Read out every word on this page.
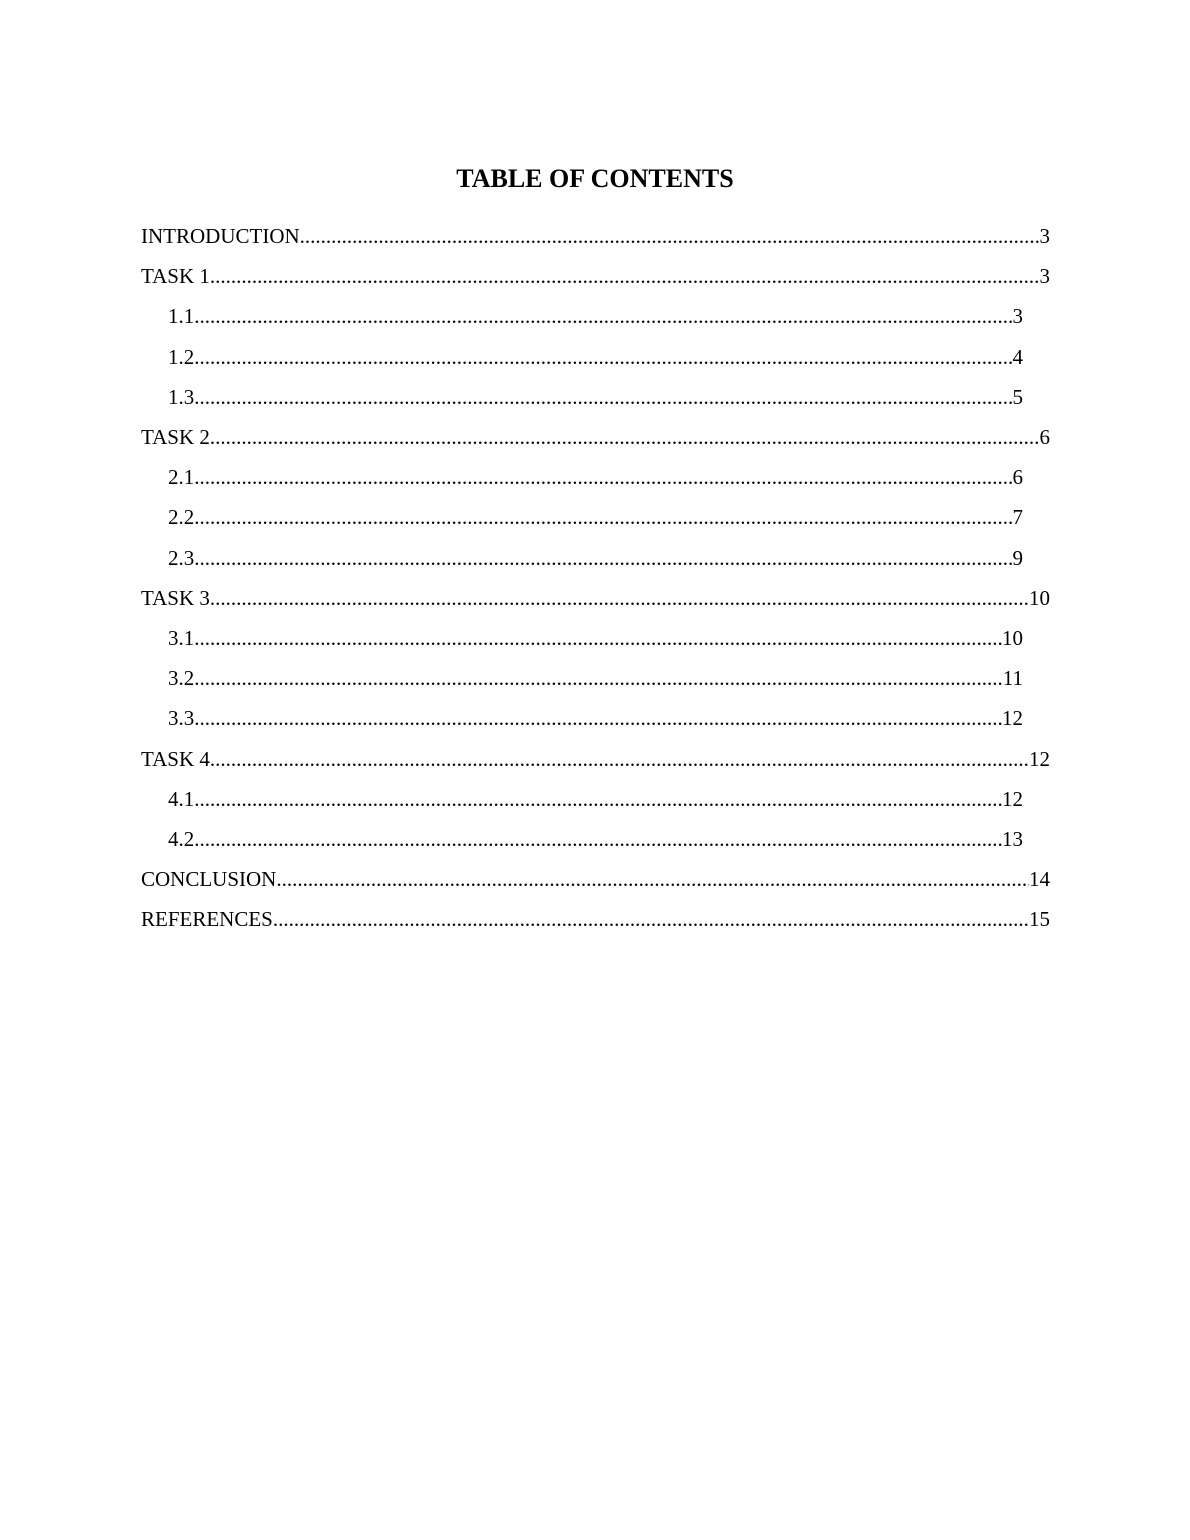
TABLE OF CONTENTS
INTRODUCTION .....	3
TASK 1 .....	3
1.1 .....	3
1.2 .....	4
1.3 .....	5
TASK 2 .....	6
2.1 .....	6
2.2 .....	7
2.3 .....	9
TASK 3 .....	10
3.1 .....	10
3.2 .....	11
3.3 .....	12
TASK 4 .....	12
4.1 .....	12
4.2 .....	13
CONCLUSION .....	14
REFERENCES .....	15
